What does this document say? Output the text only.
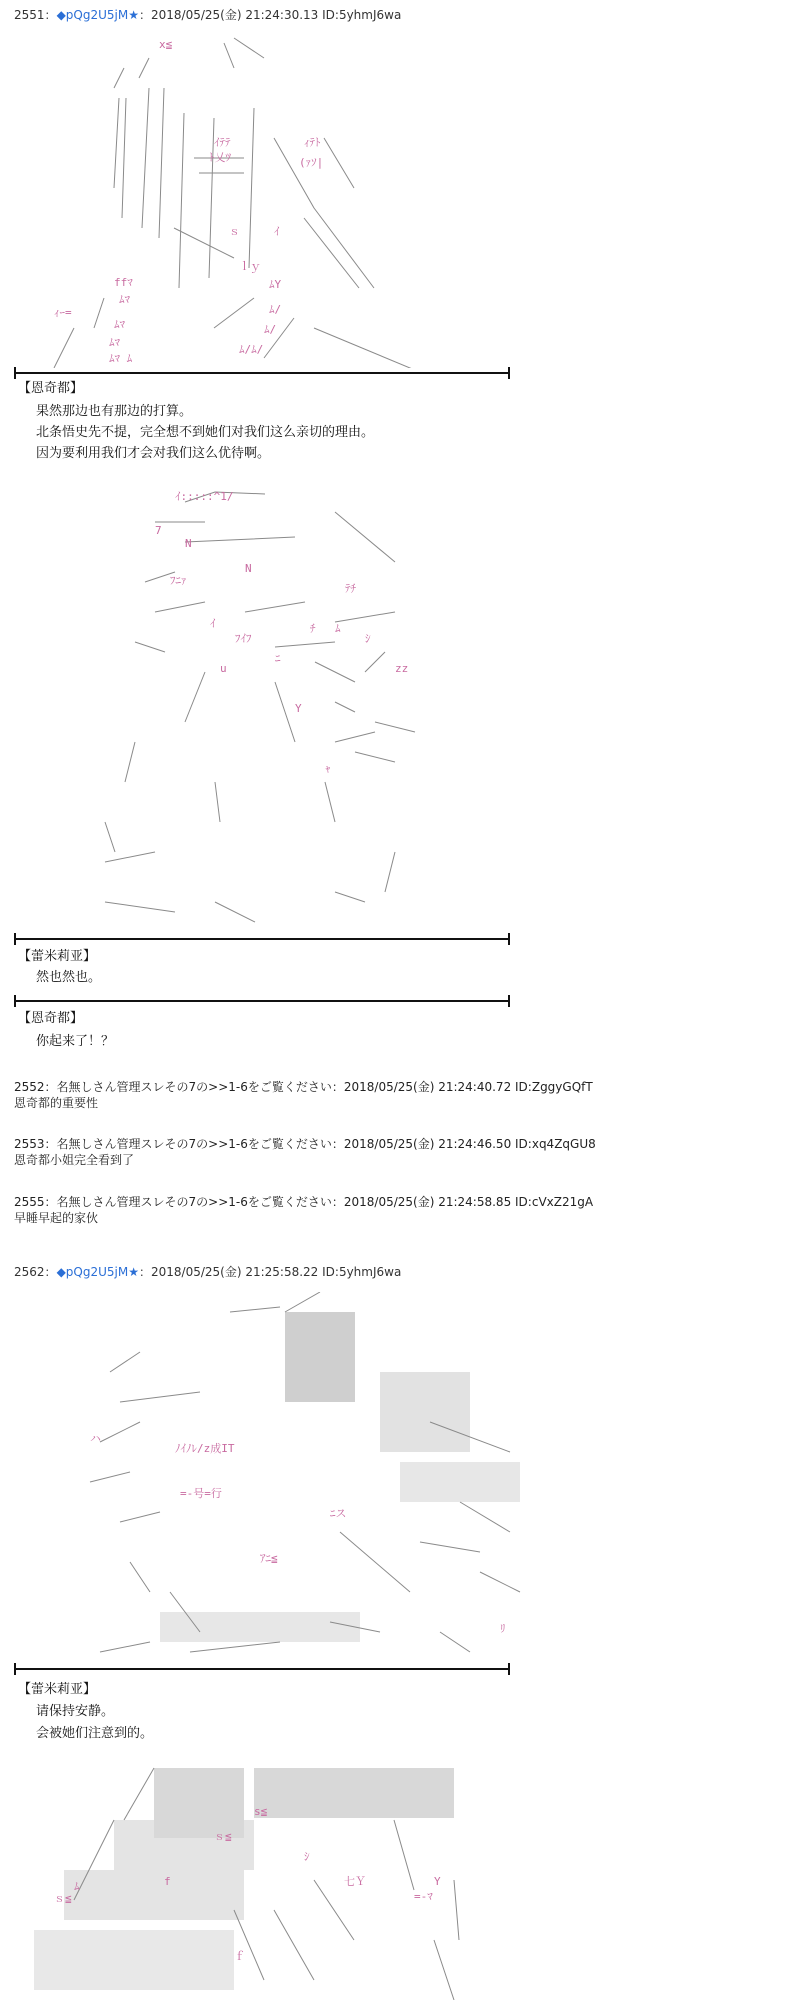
2551：◆pQg2U5jM★：2018/05/25(金) 21:24:30.13 ID:5yhmJ6wa
x≦
ｲﾃﾃ
ﾄ乂ﾂ
ｨﾃﾄ
(ｧｿ|
ｓ	ｲ
ｌｙ
ﾑY
ﾑﾏ
ﾑﾏ
ﾑﾏ
ﾑﾏ ﾑ
ｨｰ=
ffﾏ
ﾑ/
ﾑ/
ﾑ/ﾑ/
【恩奇都】
果然那边也有那边的打算。
北条悟史先不提，完全想不到她们对我们这么亲切的理由。
因为要利用我们才会对我们这么优待啊。
ｲ:::::^1/
7
ﾌﾆｧ
N
ｲ
Y
ﾌｲﾌ
ﾑ
ﾆ
ﾃﾁ
ｼ
zz
u
ｬ
N
ﾁ
【蕾米莉亚】
然也然也。
【恩奇都】
你起来了！？
2552：名無しさん管理スレその7の>>1-6をご覧ください：2018/05/25(金) 21:24:40.72 ID:ZggyGQfT
恩奇都的重要性
2553：名無しさん管理スレその7の>>1-6をご覧ください：2018/05/25(金) 21:24:46.50 ID:xq4ZqGU8
恩奇都小姐完全看到了
2555：名無しさん管理スレその7の>>1-6をご覧ください：2018/05/25(金) 21:24:58.85 ID:cVxZ21gA
早睡早起的家伙
2562：◆pQg2U5jM★：2018/05/25(金) 21:25:58.22 ID:5yhmJ6wa
ﾉｲﾉﾚ/z成IT
=-号=行
ｱﾆ≦
ﾆス
ハ
ﾘ
【蕾米莉亚】
请保持安静。
会被她们注意到的。
s≦
ｓ≦
f
ｼ
ｓ≦
ﾑ	Y
ｆ
=-ﾏ
七Ｙ
